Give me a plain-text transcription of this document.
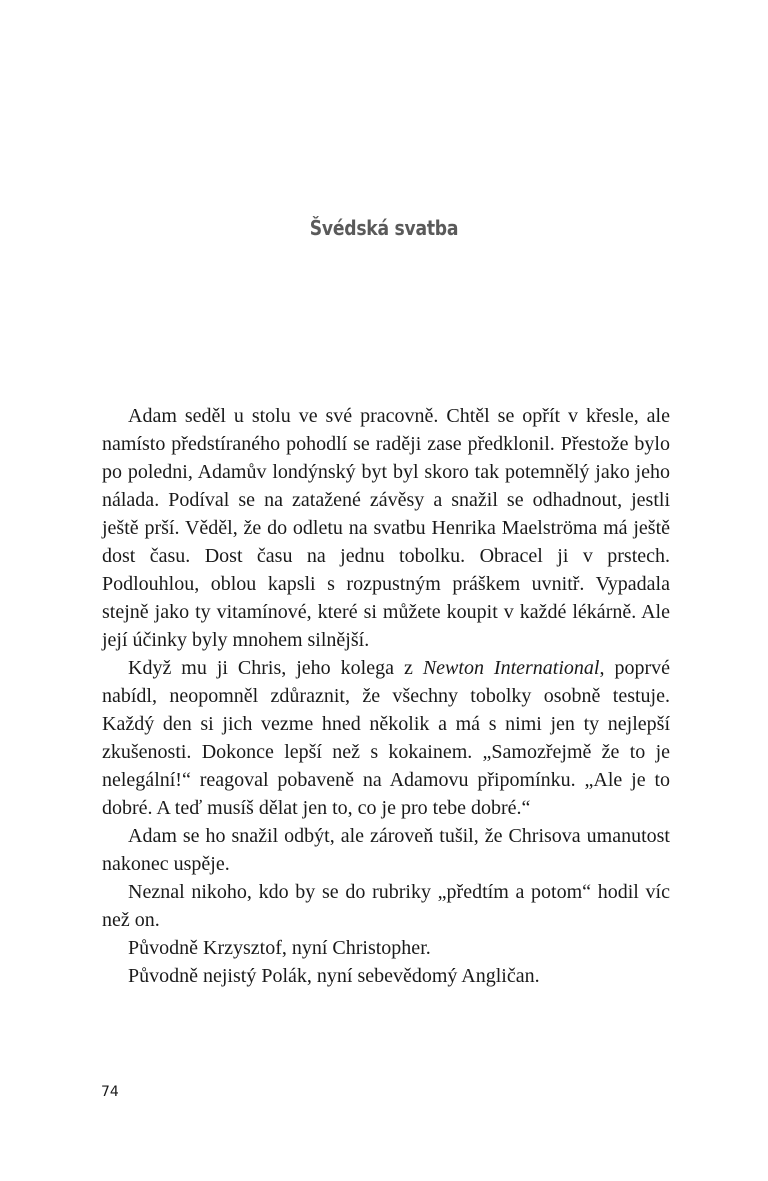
Švédská svatba

Adam seděl u stolu ve své pracovně. Chtěl se opřít v křesle, ale namísto předstíraného pohodlí se raději zase předklonil. Přestože bylo po poledni, Adamův londýnský byt byl skoro tak potemnělý jako jeho nálada. Podíval se na zatažené závěsy a snažil se odhadnout, jestli ještě prší. Věděl, že do odletu na svatbu Henrika Maelströma má ještě dost času. Dost času na jednu tobolku. Obracel ji v prstech. Podlouhlou, oblou kapsli s rozpustným práškem uvnitř. Vypadala stejně jako ty vitamínové, které si můžete koupit v každé lékárně. Ale její účinky byly mnohem silnější.

Když mu ji Chris, jeho kolega z Newton International, poprvé nabídl, neopomněl zdůraznit, že všechny tobolky osobně testuje. Každý den si jich vezme hned několik a má s nimi jen ty nejlepší zkušenosti. Dokonce lepší než s kokainem. „Samozřejmě že to je nelegální!“ reagoval pobaveně na Adamovu připomínku. „Ale je to dobré. A teď musíš dělat jen to, co je pro tebe dobré.“

Adam se ho snažil odbýt, ale zároveň tušil, že Chrisova umanutost nakonec uspěje.

Neznal nikoho, kdo by se do rubriky „předtím a potom“ hodil víc než on.

Původně Krzysztof, nyní Christopher.

Původně nejistý Polák, nyní sebevědomý Angličan.

74
